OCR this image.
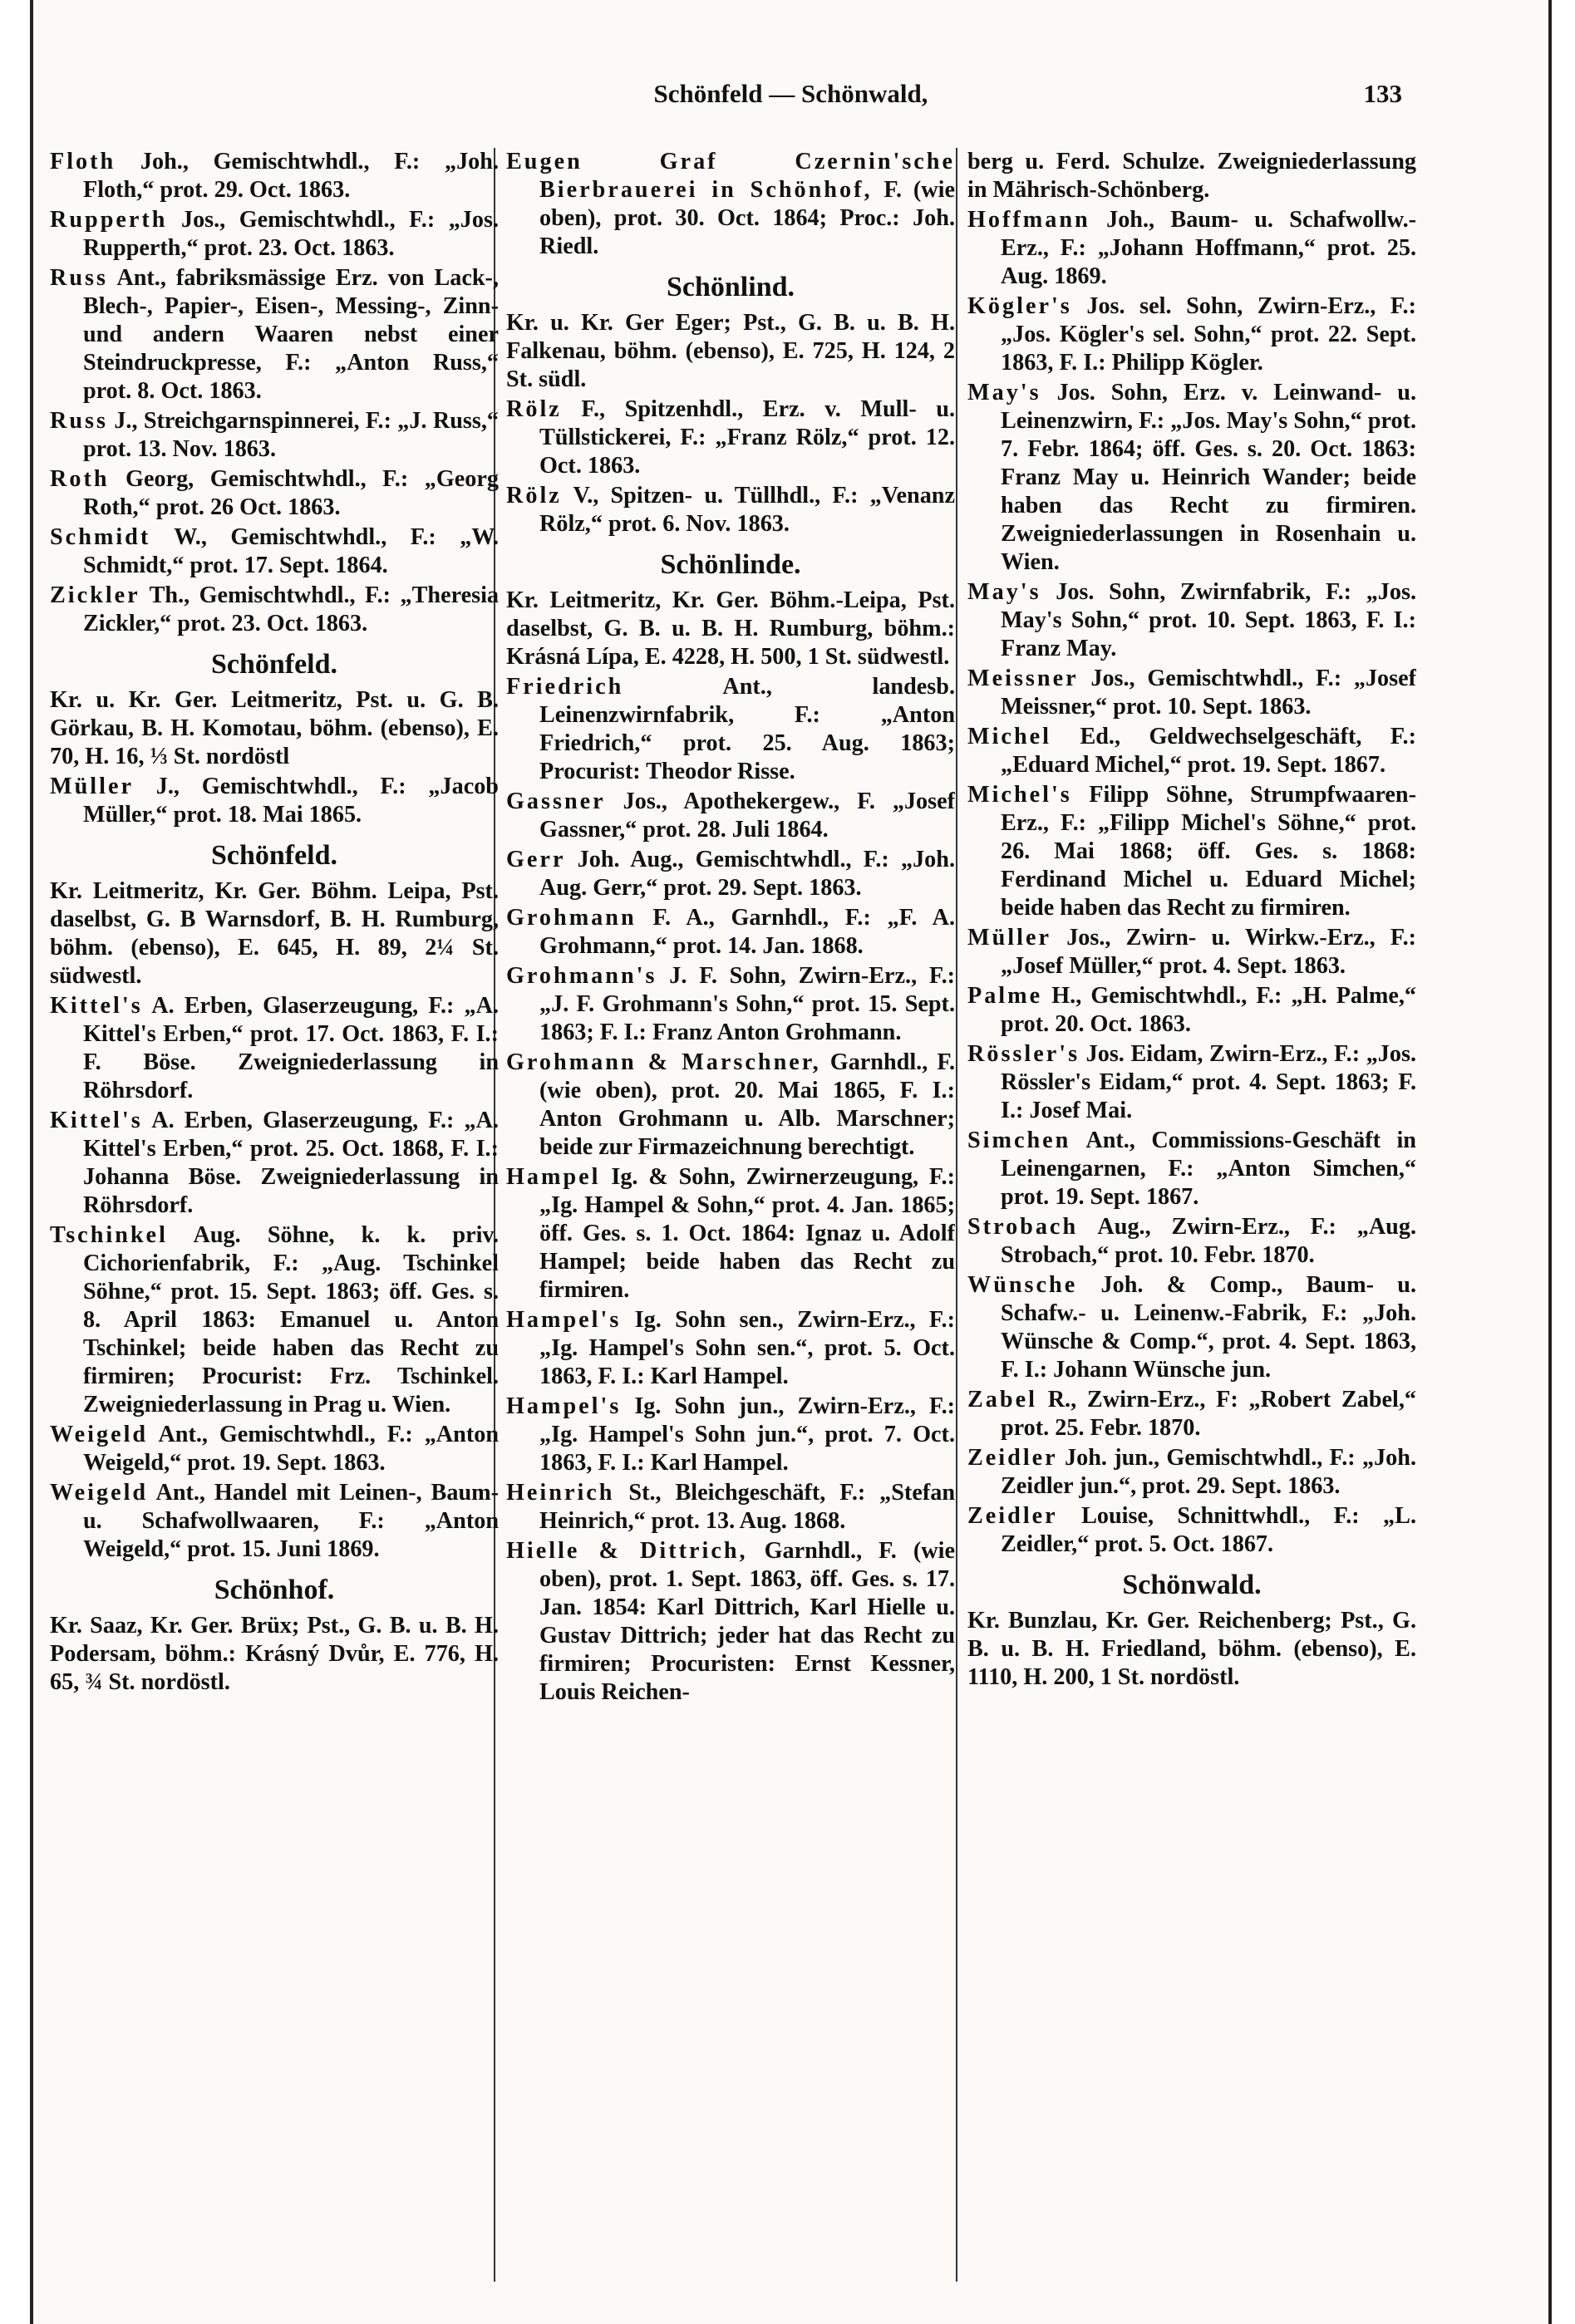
Schönfeld — Schönwald,	133
Floth Joh., Gemischtwhdl., F.: „Joh. Floth,“ prot. 29. Oct. 1863.
Rupperth Jos., Gemischtwhdl., F.: „Jos. Rupperth,“ prot. 23. Oct. 1863.
Russ Ant., fabriksmässige Erz. von Lack-, Blech-, Papier-, Eisen-, Messing-, Zinn- und andern Waaren nebst einer Steindruckpresse, F.: „Anton Russ,“ prot. 8. Oct. 1863.
Russ J., Streichgarnspinnerei, F.: „J. Russ,“ prot. 13. Nov. 1863.
Roth Georg, Gemischtwhdl., F.: „Georg Roth,“ prot. 26 Oct. 1863.
Schmidt W., Gemischtwhdl., F.: „W. Schmidt,“ prot. 17. Sept. 1864.
Zickler Th., Gemischtwhdl., F.: „Theresia Zickler,“ prot. 23. Oct. 1863.
Schönfeld.
Kr. u. Kr. Ger. Leitmeritz, Pst. u. G. B. Görkau, B. H. Komotau, böhm. (ebenso), E. 70, H. 16, ⅓ St. nordöstl
Müller J., Gemischtwhdl., F.: „Jacob Müller,“ prot. 18. Mai 1865.
Schönfeld.
Kr. Leitmeritz, Kr. Ger. Böhm. Leipa, Pst. daselbst, G. B Warnsdorf, B. H. Rumburg, böhm. (ebenso), E. 645, H. 89, 2¼ St. südwestl.
Kittel's A. Erben, Glaserzeugung, F.: „A. Kittel's Erben,“ prot. 17. Oct. 1863, F. I.: F. Böse. Zweigniederlassung in Röhrsdorf.
Kittel's A. Erben, Glaserzeugung, F.: „A. Kittel's Erben,“ prot. 25. Oct. 1868, F. I.: Johanna Böse. Zweigniederlassung in Röhrsdorf.
Tschinkel Aug. Söhne, k. k. priv. Cichorienfabrik, F.: „Aug. Tschinkel Söhne,“ prot. 15. Sept. 1863; öff. Ges. s. 8. April 1863: Emanuel u. Anton Tschinkel; beide haben das Recht zu firmiren; Procurist: Frz. Tschinkel. Zweigniederlassung in Prag u. Wien.
Weigeld Ant., Gemischtwhdl., F.: „Anton Weigeld,“ prot. 19. Sept. 1863.
Weigeld Ant., Handel mit Leinen-, Baum- u. Schafwollwaaren, F.: „Anton Weigeld,“ prot. 15. Juni 1869.
Schönhof.
Kr. Saaz, Kr. Ger. Brüx; Pst., G. B. u. B. H. Podersam, böhm.: Krásný Dvůr, E. 776, H. 65, ¾ St. nordöstl.
Eugen Graf Czernin'sche Bierbrauerei in Schönhof, F. (wie oben), prot. 30. Oct. 1864; Proc.: Joh. Riedl.
Schönlind.
Kr. u. Kr. Ger Eger; Pst., G. B. u. B. H. Falkenau, böhm. (ebenso), E. 725, H. 124, 2 St. südl.
Rölz F., Spitzenhdl., Erz. v. Mull- u. Tüllstickerei, F.: „Franz Rölz,“ prot. 12. Oct. 1863.
Rölz V., Spitzen- u. Tüllhdl., F.: „Venanz Rölz,“ prot. 6. Nov. 1863.
Schönlinde.
Kr. Leitmeritz, Kr. Ger. Böhm.-Leipa, Pst. daselbst, G. B. u. B. H. Rumburg, böhm.: Krásná Lípa, E. 4228, H. 500, 1 St. südwestl.
Friedrich Ant., landesb. Leinenzwirnfabrik, F.: „Anton Friedrich,“ prot. 25. Aug. 1863; Procurist: Theodor Risse.
Gassner Jos., Apothekergew., F. „Josef Gassner,“ prot. 28. Juli 1864.
Gerr Joh. Aug., Gemischtwhdl., F.: „Joh. Aug. Gerr,“ prot. 29. Sept. 1863.
Grohmann F. A., Garnhdl., F.: „F. A. Grohmann,“ prot. 14. Jan. 1868.
Grohmann's J. F. Sohn, Zwirn-Erz., F.: „J. F. Grohmann's Sohn,“ prot. 15. Sept. 1863; F. I.: Franz Anton Grohmann.
Grohmann & Marschner, Garnhdl., F. (wie oben), prot. 20. Mai 1865, F. I.: Anton Grohmann u. Alb. Marschner; beide zur Firmazeichnung berechtigt.
Hampel Ig. & Sohn, Zwirnerzeugung, F.: „Ig. Hampel & Sohn,“ prot. 4. Jan. 1865; öff. Ges. s. 1. Oct. 1864: Ignaz u. Adolf Hampel; beide haben das Recht zu firmiren.
Hampel's Ig. Sohn sen., Zwirn-Erz., F.: „Ig. Hampel's Sohn sen.“, prot. 5. Oct. 1863, F. I.: Karl Hampel.
Hampel's Ig. Sohn jun., Zwirn-Erz., F.: „Ig. Hampel's Sohn jun.“, prot. 7. Oct. 1863, F. I.: Karl Hampel.
Heinrich St., Bleichgeschäft, F.: „Stefan Heinrich,“ prot. 13. Aug. 1868.
Hielle & Dittrich, Garnhdl., F. (wie oben), prot. 1. Sept. 1863, öff. Ges. s. 17. Jan. 1854: Karl Dittrich, Karl Hielle u. Gustav Dittrich; jeder hat das Recht zu firmiren; Procuristen: Ernst Kessner, Louis Reichen-
berg u. Ferd. Schulze. Zweigniederlassung in Mährisch-Schönberg.
Hoffmann Joh., Baum- u. Schafwollw.-Erz., F.: „Johann Hoffmann,“ prot. 25. Aug. 1869.
Kögler's Jos. sel. Sohn, Zwirn-Erz., F.: „Jos. Kögler's sel. Sohn,“ prot. 22. Sept. 1863, F. I.: Philipp Kögler.
May's Jos. Sohn, Erz. v. Leinwand- u. Leinenzwirn, F.: „Jos. May's Sohn,“ prot. 7. Febr. 1864; öff. Ges. s. 20. Oct. 1863: Franz May u. Heinrich Wander; beide haben das Recht zu firmiren. Zweigniederlassungen in Rosenhain u. Wien.
May's Jos. Sohn, Zwirnfabrik, F.: „Jos. May's Sohn,“ prot. 10. Sept. 1863, F. I.: Franz May.
Meissner Jos., Gemischtwhdl., F.: „Josef Meissner,“ prot. 10. Sept. 1863.
Michel Ed., Geldwechselgeschäft, F.: „Eduard Michel,“ prot. 19. Sept. 1867.
Michel's Filipp Söhne, Strumpfwaaren-Erz., F.: „Filipp Michel's Söhne,“ prot. 26. Mai 1868; öff. Ges. s. 1868: Ferdinand Michel u. Eduard Michel; beide haben das Recht zu firmiren.
Müller Jos., Zwirn- u. Wirkw.-Erz., F.: „Josef Müller,“ prot. 4. Sept. 1863.
Palme H., Gemischtwhdl., F.: „H. Palme,“ prot. 20. Oct. 1863.
Rössler's Jos. Eidam, Zwirn-Erz., F.: „Jos. Rössler's Eidam,“ prot. 4. Sept. 1863; F. I.: Josef Mai.
Simchen Ant., Commissions-Geschäft in Leinengarnen, F.: „Anton Simchen,“ prot. 19. Sept. 1867.
Strobach Aug., Zwirn-Erz., F.: „Aug. Strobach,“ prot. 10. Febr. 1870.
Wünsche Joh. & Comp., Baum- u. Schafw.- u. Leinenw.-Fabrik, F.: „Joh. Wünsche & Comp.“, prot. 4. Sept. 1863, F. I.: Johann Wünsche jun.
Zabel R., Zwirn-Erz., F: „Robert Zabel,“ prot. 25. Febr. 1870.
Zeidler Joh. jun., Gemischtwhdl., F.: „Joh. Zeidler jun.“, prot. 29. Sept. 1863.
Zeidler Louise, Schnittwhdl., F.: „L. Zeidler,“ prot. 5. Oct. 1867.
Schönwald.
Kr. Bunzlau, Kr. Ger. Reichenberg; Pst., G. B. u. B. H. Friedland, böhm. (ebenso), E. 1110, H. 200, 1 St. nordöstl.
